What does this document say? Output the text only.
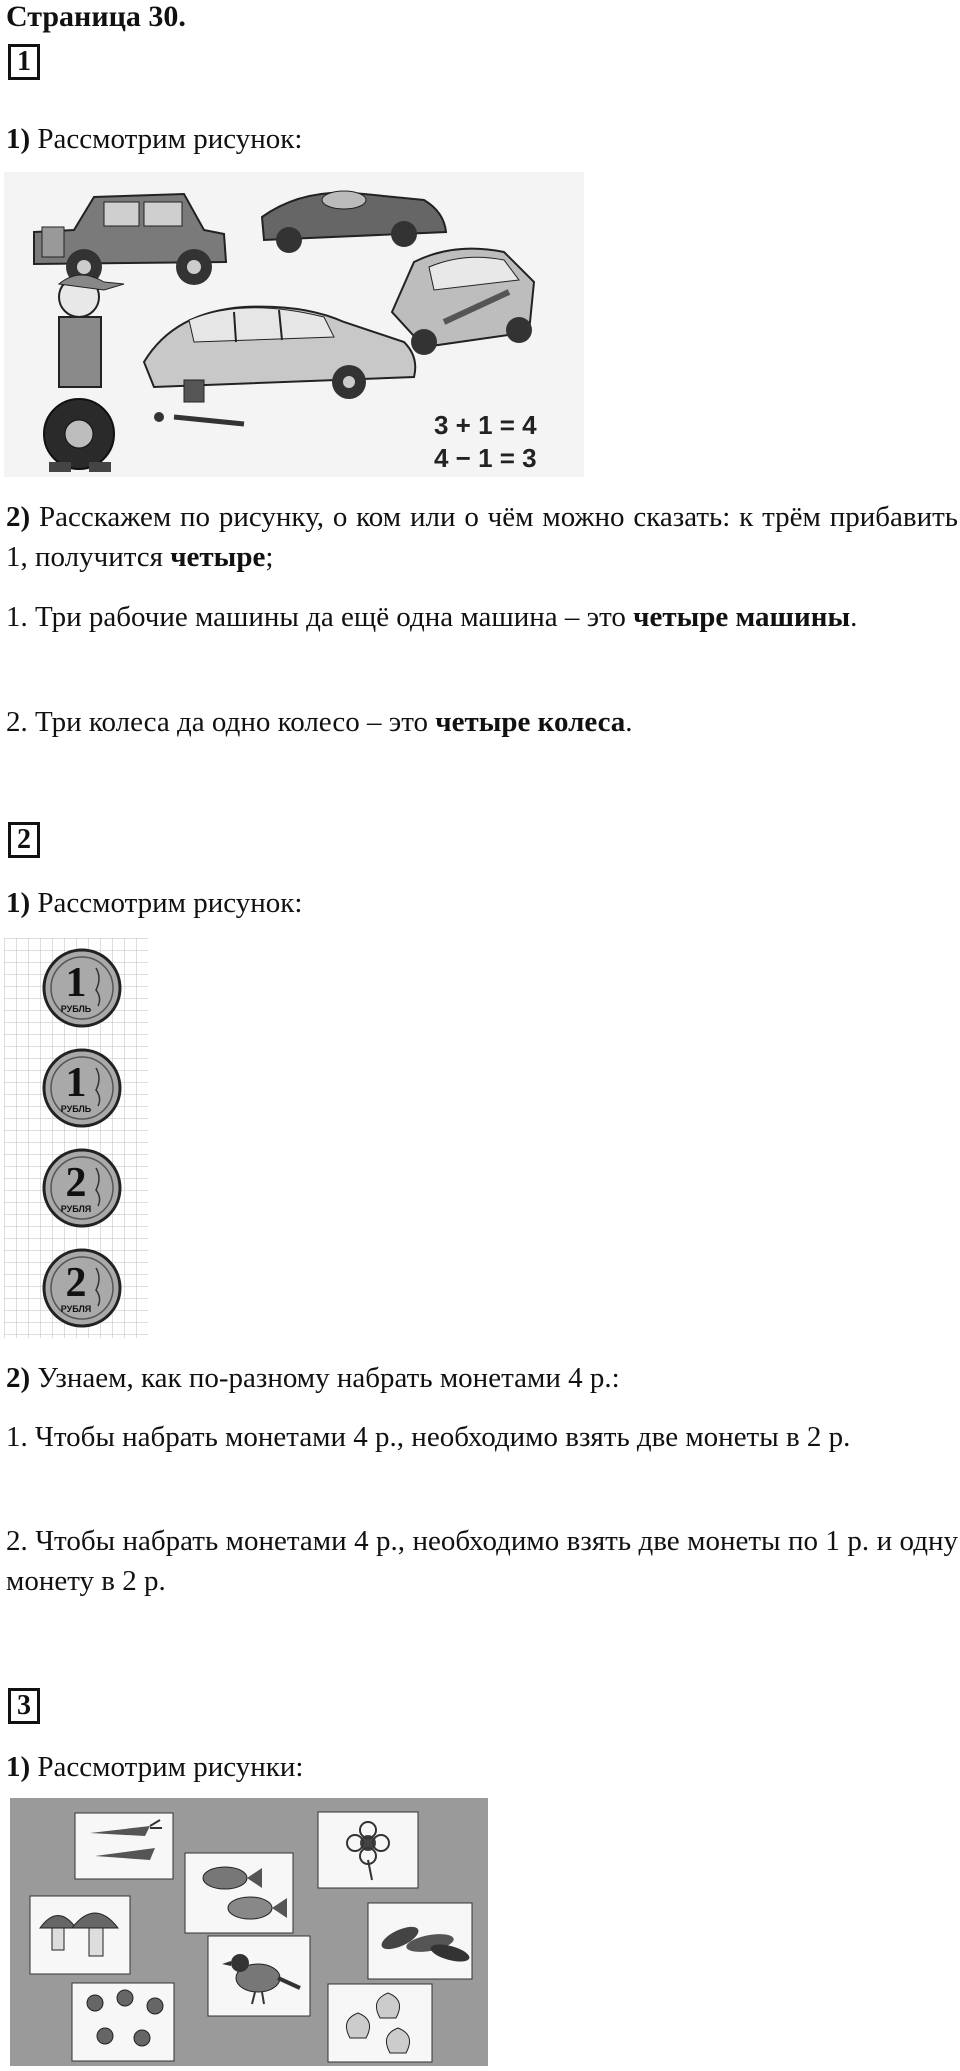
Страница 30.
1
1) Рассмотрим рисунок:
3 + 1 = 4
4 − 1 = 3
2) Расскажем по рисунку, о ком или о чём можно сказать: к трём прибавить 1, получится четыре;
1. Три рабочие машины да ещё одна машина – это четыре машины.
2. Три колеса да одно колесо – это четыре колеса.
2
1) Рассмотрим рисунок:
1
РУБЛЬ
1
РУБЛЬ
2
РУБЛЯ
2
РУБЛЯ
2) Узнаем, как по-разному набрать монетами 4 р.:
1. Чтобы набрать монетами 4 р., необходимо взять две монеты в 2 р.
2. Чтобы набрать монетами 4 р., необходимо взять две монеты по 1 р. и одну монету в 2 р.
3
1) Рассмотрим рисунки:
